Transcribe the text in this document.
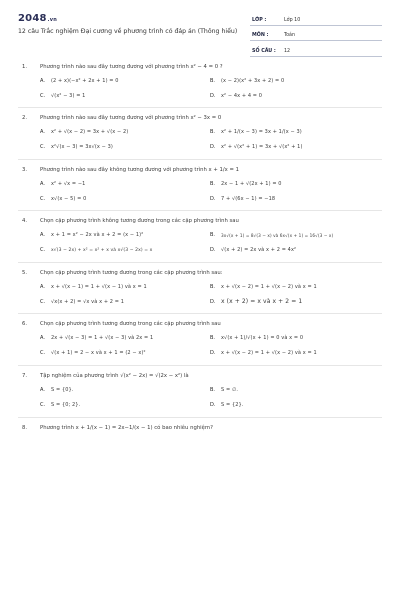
2048.vn
12 câu Trắc nghiệm Đại cương về phương trình có đáp án (Thông hiểu)
LỚP :	Lớp 10
MÔN :	Toán
SỐ CÂU : 12
1.	Phương trình nào sau đây tương đương với phương trình x² − 4 = 0 ?
A.	(2 + x)(−x² + 2x + 1) = 0	B.	(x − 2)(x² + 3x + 2) = 0
C.	√(x² − 3) = 1	D.	x² − 4x + 4 = 0
2.	Phương trình nào sau đây tương đương với phương trình x² − 3x = 0
A.	x² + √(x − 2) = 3x + √(x − 2)	B.	x² + 1/(x − 3) = 3x + 1/(x − 3)
C.	x²√(x − 3) = 3x√(x − 3)	D.	x² + √(x² + 1) = 3x + √(x² + 1)
3.	Phương trình nào sau đây không tương đương với phương trình x + 1/x = 1
A.	x² + √x = −1	B.	2x − 1 + √(2x + 1) = 0
C.	x√(x − 5) = 0	D.	7 + √(6x − 1) = −18
4.	Chọn cặp phương trình không tương đương trong các cặp phương trình sau
A.	x + 1 = x² − 2x và x + 2 = (x − 1)²	B.	3x√(x + 1) = 8√(3 − x) và 6x√(x + 1) = 16√(3 − x)
C.	x√(3 − 2x) + x² = x² + x và x√(3 − 2x) = x	D.	√(x + 2) = 2x và x + 2 = 4x²
5.	Chọn cặp phương trình tương đương trong các cặp phương trình sau:
A.	x + √(x − 1) = 1 + √(x − 1) và x = 1	B.	x + √(x − 2) = 1 + √(x − 2) và x = 1
C.	√x(x + 2) = √x và x + 2 = 1	D. x (x + 2) = x và x + 2 = 1
6.	Chọn cặp phương trình tương đương trong các cặp phương trình sau
A.	2x + √(x − 3) = 1 + √(x − 3) và 2x = 1	B.	x√(x + 1)/√(x + 1) = 0 và x = 0
C.	√(x + 1) = 2 − x và x + 1 = (2 − x)²	D.	x + √(x − 2) = 1 + √(x − 2) và x = 1
7.	Tập nghiệm của phương trình √(x² − 2x) = √(2x − x²) là
A.	S = {0}.	B.	S = ∅.
C.	S = {0; 2}.	D.	S = {2}.
8.	Phương trình x + 1/(x − 1) = 2x−1/(x − 1) có bao nhiêu nghiệm?
